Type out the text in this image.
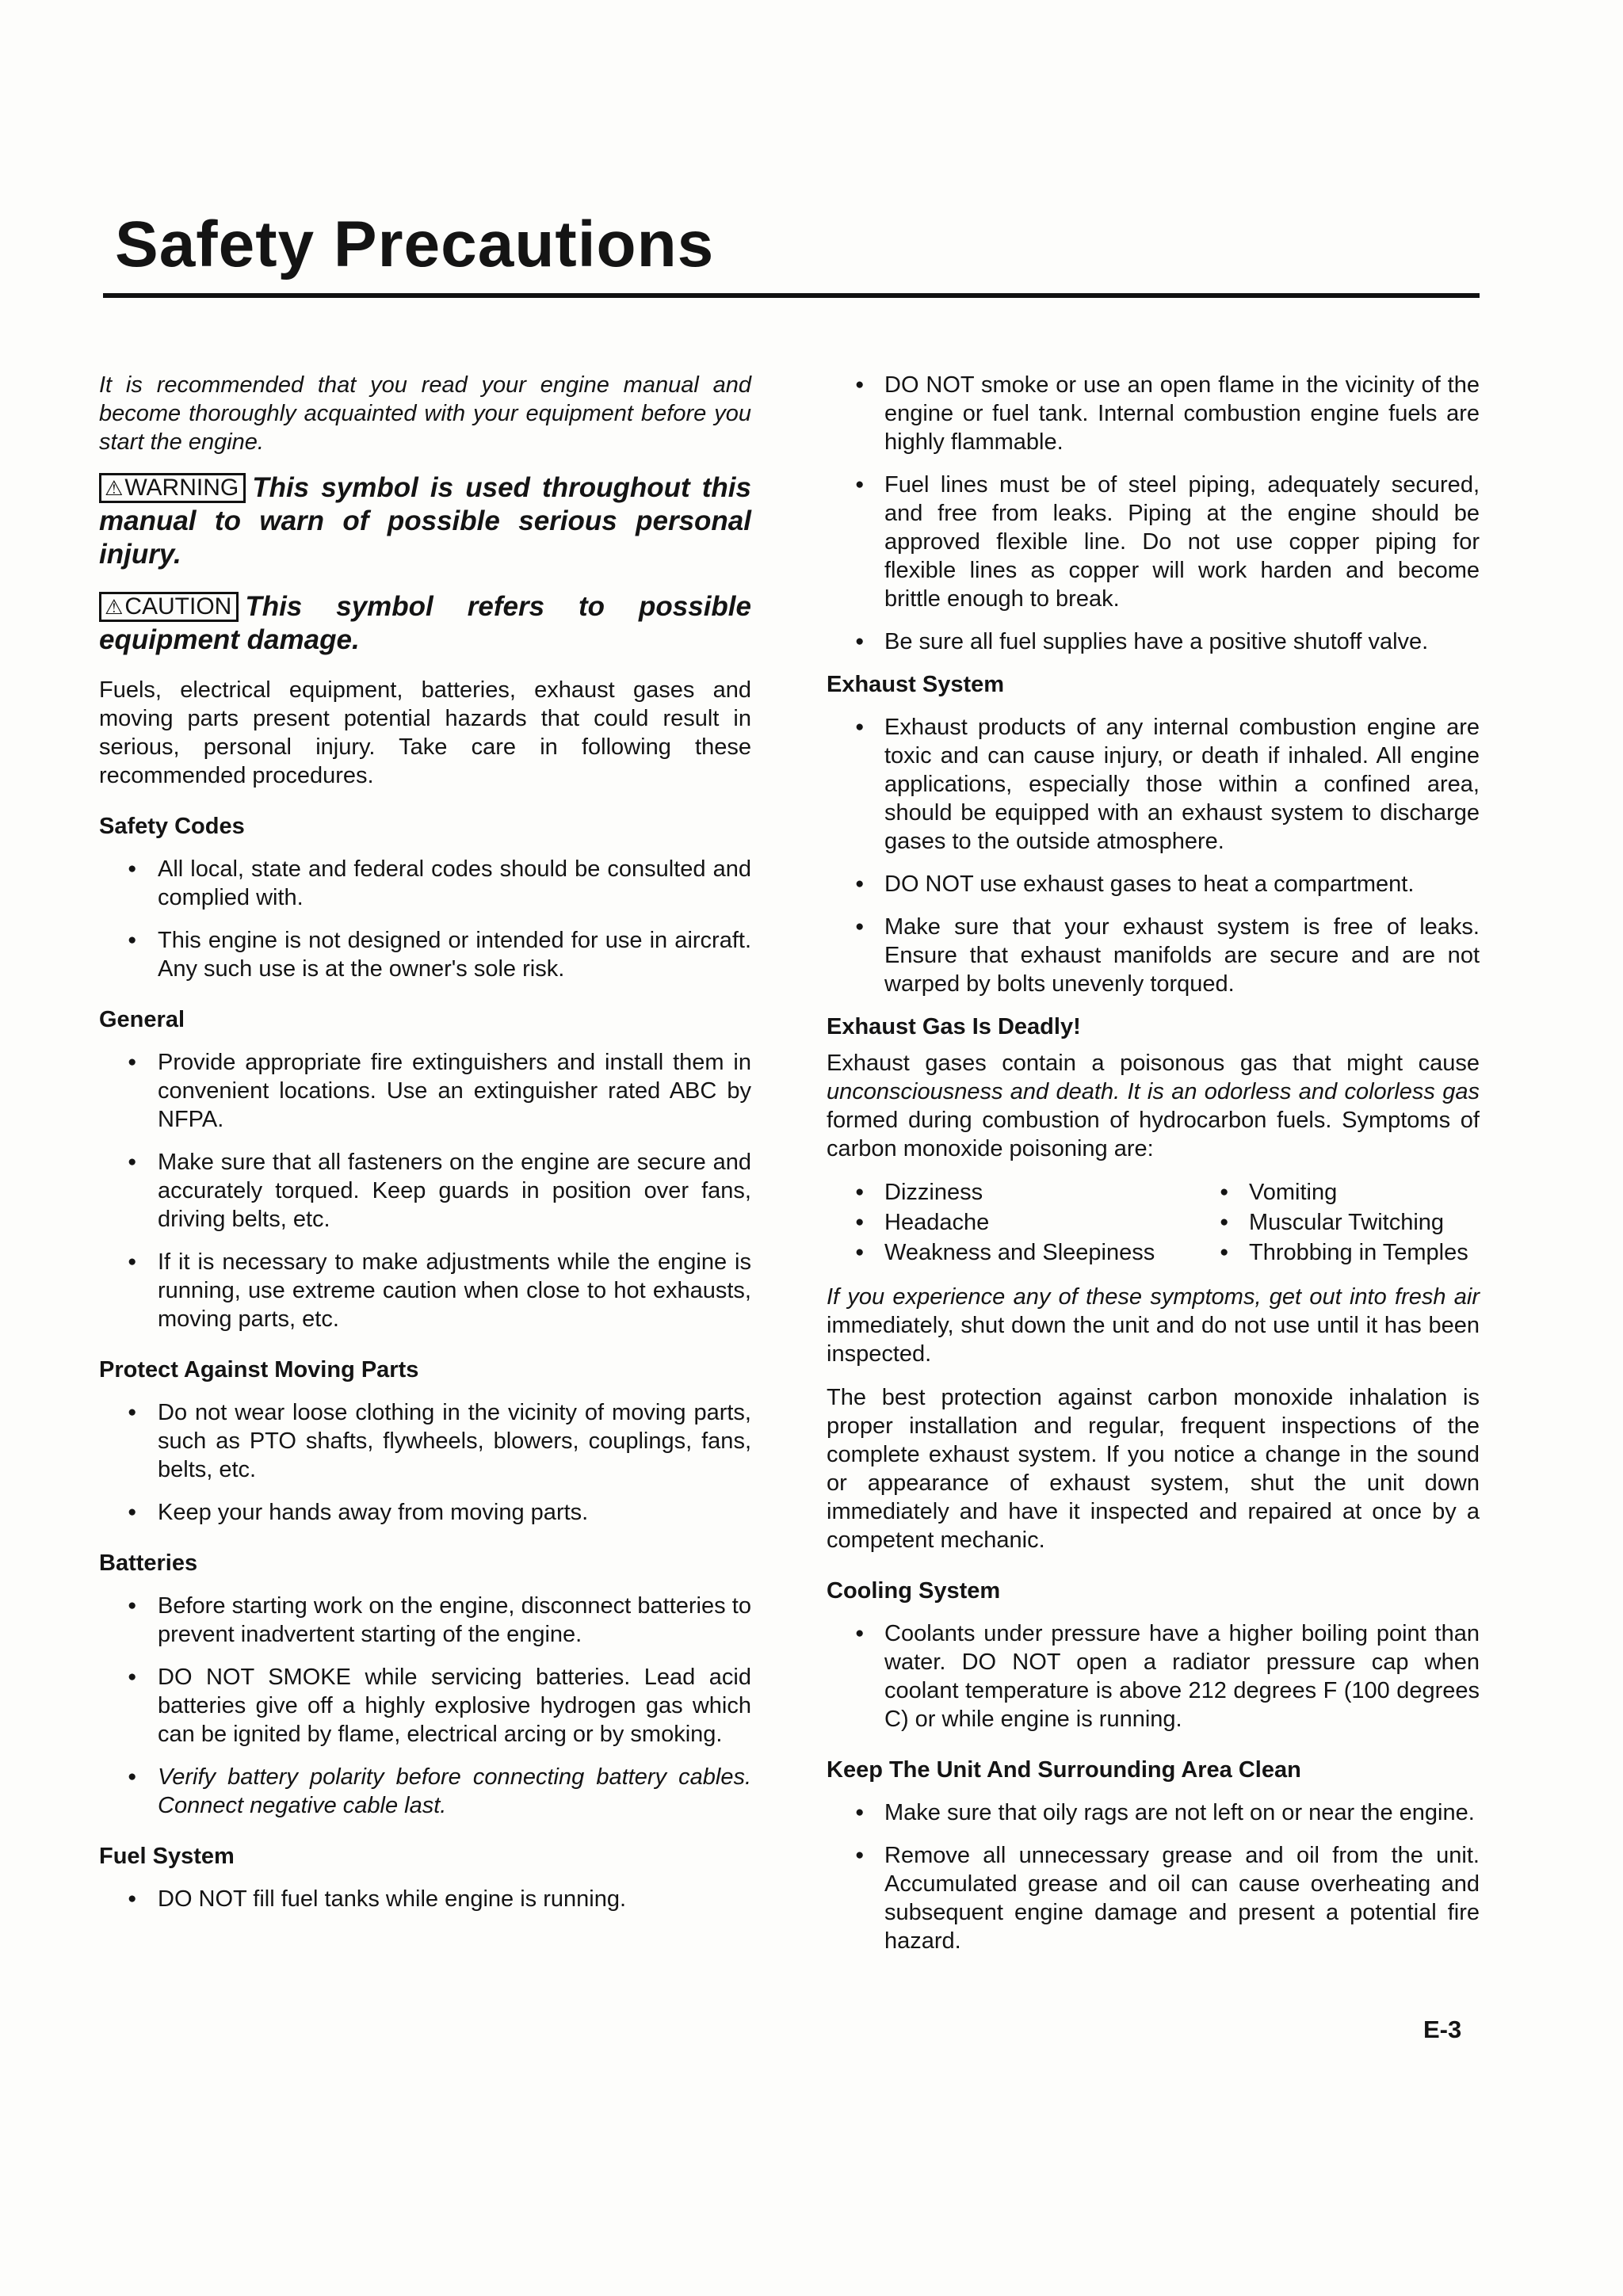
Safety Precautions

It is recommended that you read your engine manual and become thoroughly acquainted with your equipment before you start the engine.

⚠WARNING This symbol is used throughout this manual to warn of possible serious personal injury.

⚠CAUTION This symbol refers to possible equipment damage.

Fuels, electrical equipment, batteries, exhaust gases and moving parts present potential hazards that could result in serious, personal injury. Take care in following these recommended procedures.

Safety Codes
● All local, state and federal codes should be consulted and complied with.
● This engine is not designed or intended for use in aircraft. Any such use is at the owner's sole risk.
General
● Provide appropriate fire extinguishers and install them in convenient locations. Use an extinguisher rated ABC by NFPA.
● Make sure that all fasteners on the engine are secure and accurately torqued. Keep guards in position over fans, driving belts, etc.
● If it is necessary to make adjustments while the engine is running, use extreme caution when close to hot exhausts, moving parts, etc.
Protect Against Moving Parts
● Do not wear loose clothing in the vicinity of moving parts, such as PTO shafts, flywheels, blowers, couplings, fans, belts, etc.
● Keep your hands away from moving parts.
Batteries
● Before starting work on the engine, disconnect batteries to prevent inadvertent starting of the engine.
● DO NOT SMOKE while servicing batteries. Lead acid batteries give off a highly explosive hydrogen gas which can be ignited by flame, electrical arcing or by smoking.
● Verify battery polarity before connecting battery cables. Connect negative cable last.
Fuel System
● DO NOT fill fuel tanks while engine is running.
● DO NOT smoke or use an open flame in the vicinity of the engine or fuel tank. Internal combustion engine fuels are highly flammable.
● Fuel lines must be of steel piping, adequately secured, and free from leaks. Piping at the engine should be approved flexible line. Do not use copper piping for flexible lines as copper will work harden and become brittle enough to break.
● Be sure all fuel supplies have a positive shutoff valve.
Exhaust System
● Exhaust products of any internal combustion engine are toxic and can cause injury, or death if inhaled. All engine applications, especially those within a confined area, should be equipped with an exhaust system to discharge gases to the outside atmosphere.
● DO NOT use exhaust gases to heat a compartment.
● Make sure that your exhaust system is free of leaks. Ensure that exhaust manifolds are secure and are not warped by bolts unevenly torqued.
Exhaust Gas Is Deadly!

Exhaust gases contain a poisonous gas that might cause unconsciousness and death. It is an odorless and colorless gas formed during combustion of hydrocarbon fuels. Symptoms of carbon monoxide poisoning are:

● Dizziness	● Vomiting
● Headache	● Muscular Twitching
● Weakness and Sleepiness	● Throbbing in Temples

If you experience any of these symptoms, get out into fresh air immediately, shut down the unit and do not use until it has been inspected.

The best protection against carbon monoxide inhalation is proper installation and regular, frequent inspections of the complete exhaust system. If you notice a change in the sound or appearance of exhaust system, shut the unit down immediately and have it inspected and repaired at once by a competent mechanic.

Cooling System
● Coolants under pressure have a higher boiling point than water. DO NOT open a radiator pressure cap when coolant temperature is above 212 degrees F (100 degrees C) or while engine is running.
Keep The Unit And Surrounding Area Clean
● Make sure that oily rags are not left on or near the engine.
● Remove all unnecessary grease and oil from the unit. Accumulated grease and oil can cause overheating and subsequent engine damage and present a potential fire hazard.
E-3
